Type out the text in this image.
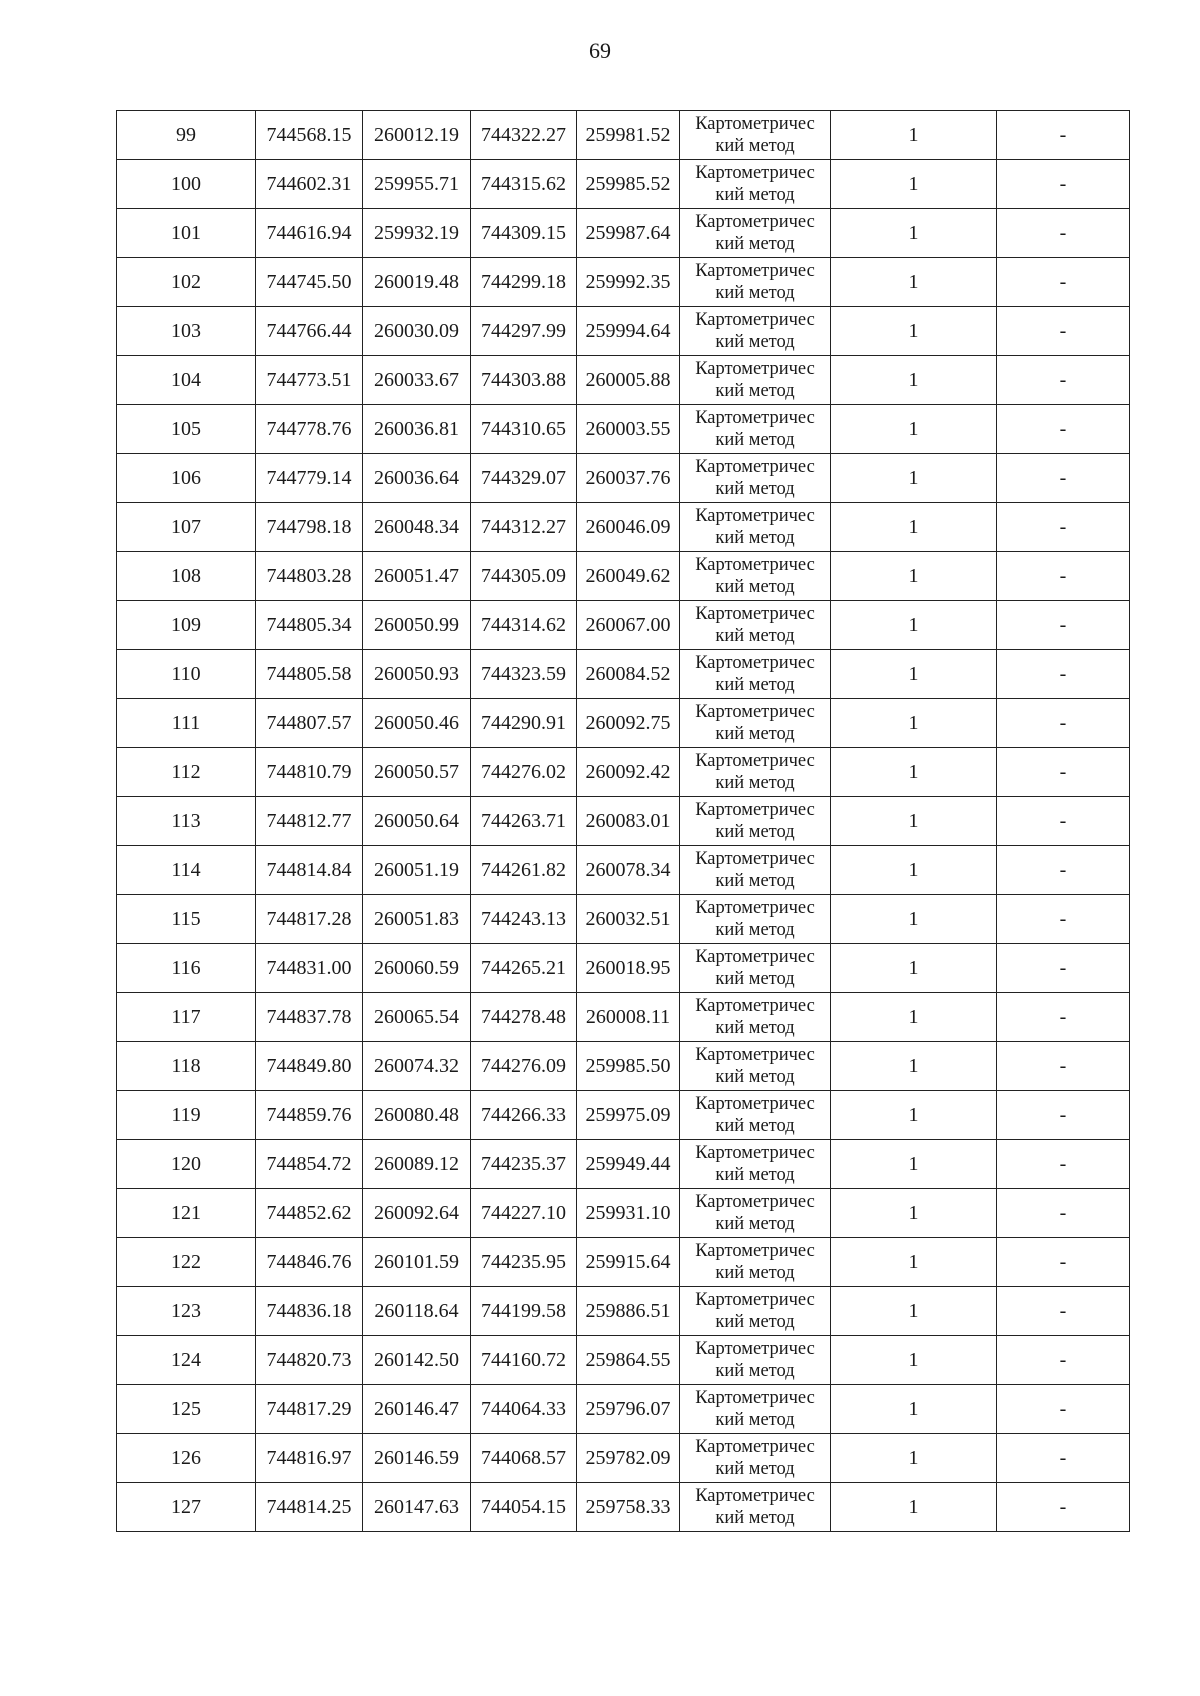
69
99	744568.15	260012.19	744322.27	259981.52	Картометричес
кий метод	1	-
100	744602.31	259955.71	744315.62	259985.52	Картометричес
кий метод	1	-
101	744616.94	259932.19	744309.15	259987.64	Картометричес
кий метод	1	-
102	744745.50	260019.48	744299.18	259992.35	Картометричес
кий метод	1	-
103	744766.44	260030.09	744297.99	259994.64	Картометричес
кий метод	1	-
104	744773.51	260033.67	744303.88	260005.88	Картометричес
кий метод	1	-
105	744778.76	260036.81	744310.65	260003.55	Картометричес
кий метод	1	-
106	744779.14	260036.64	744329.07	260037.76	Картометричес
кий метод	1	-
107	744798.18	260048.34	744312.27	260046.09	Картометричес
кий метод	1	-
108	744803.28	260051.47	744305.09	260049.62	Картометричес
кий метод	1	-
109	744805.34	260050.99	744314.62	260067.00	Картометричес
кий метод	1	-
110	744805.58	260050.93	744323.59	260084.52	Картометричес
кий метод	1	-
111	744807.57	260050.46	744290.91	260092.75	Картометричес
кий метод	1	-
112	744810.79	260050.57	744276.02	260092.42	Картометричес
кий метод	1	-
113	744812.77	260050.64	744263.71	260083.01	Картометричес
кий метод	1	-
114	744814.84	260051.19	744261.82	260078.34	Картометричес
кий метод	1	-
115	744817.28	260051.83	744243.13	260032.51	Картометричес
кий метод	1	-
116	744831.00	260060.59	744265.21	260018.95	Картометричес
кий метод	1	-
117	744837.78	260065.54	744278.48	260008.11	Картометричес
кий метод	1	-
118	744849.80	260074.32	744276.09	259985.50	Картометричес
кий метод	1	-
119	744859.76	260080.48	744266.33	259975.09	Картометричес
кий метод	1	-
120	744854.72	260089.12	744235.37	259949.44	Картометричес
кий метод	1	-
121	744852.62	260092.64	744227.10	259931.10	Картометричес
кий метод	1	-
122	744846.76	260101.59	744235.95	259915.64	Картометричес
кий метод	1	-
123	744836.18	260118.64	744199.58	259886.51	Картометричес
кий метод	1	-
124	744820.73	260142.50	744160.72	259864.55	Картометричес
кий метод	1	-
125	744817.29	260146.47	744064.33	259796.07	Картометричес
кий метод	1	-
126	744816.97	260146.59	744068.57	259782.09	Картометричес
кий метод	1	-
127	744814.25	260147.63	744054.15	259758.33	Картометричес
кий метод	1	-
